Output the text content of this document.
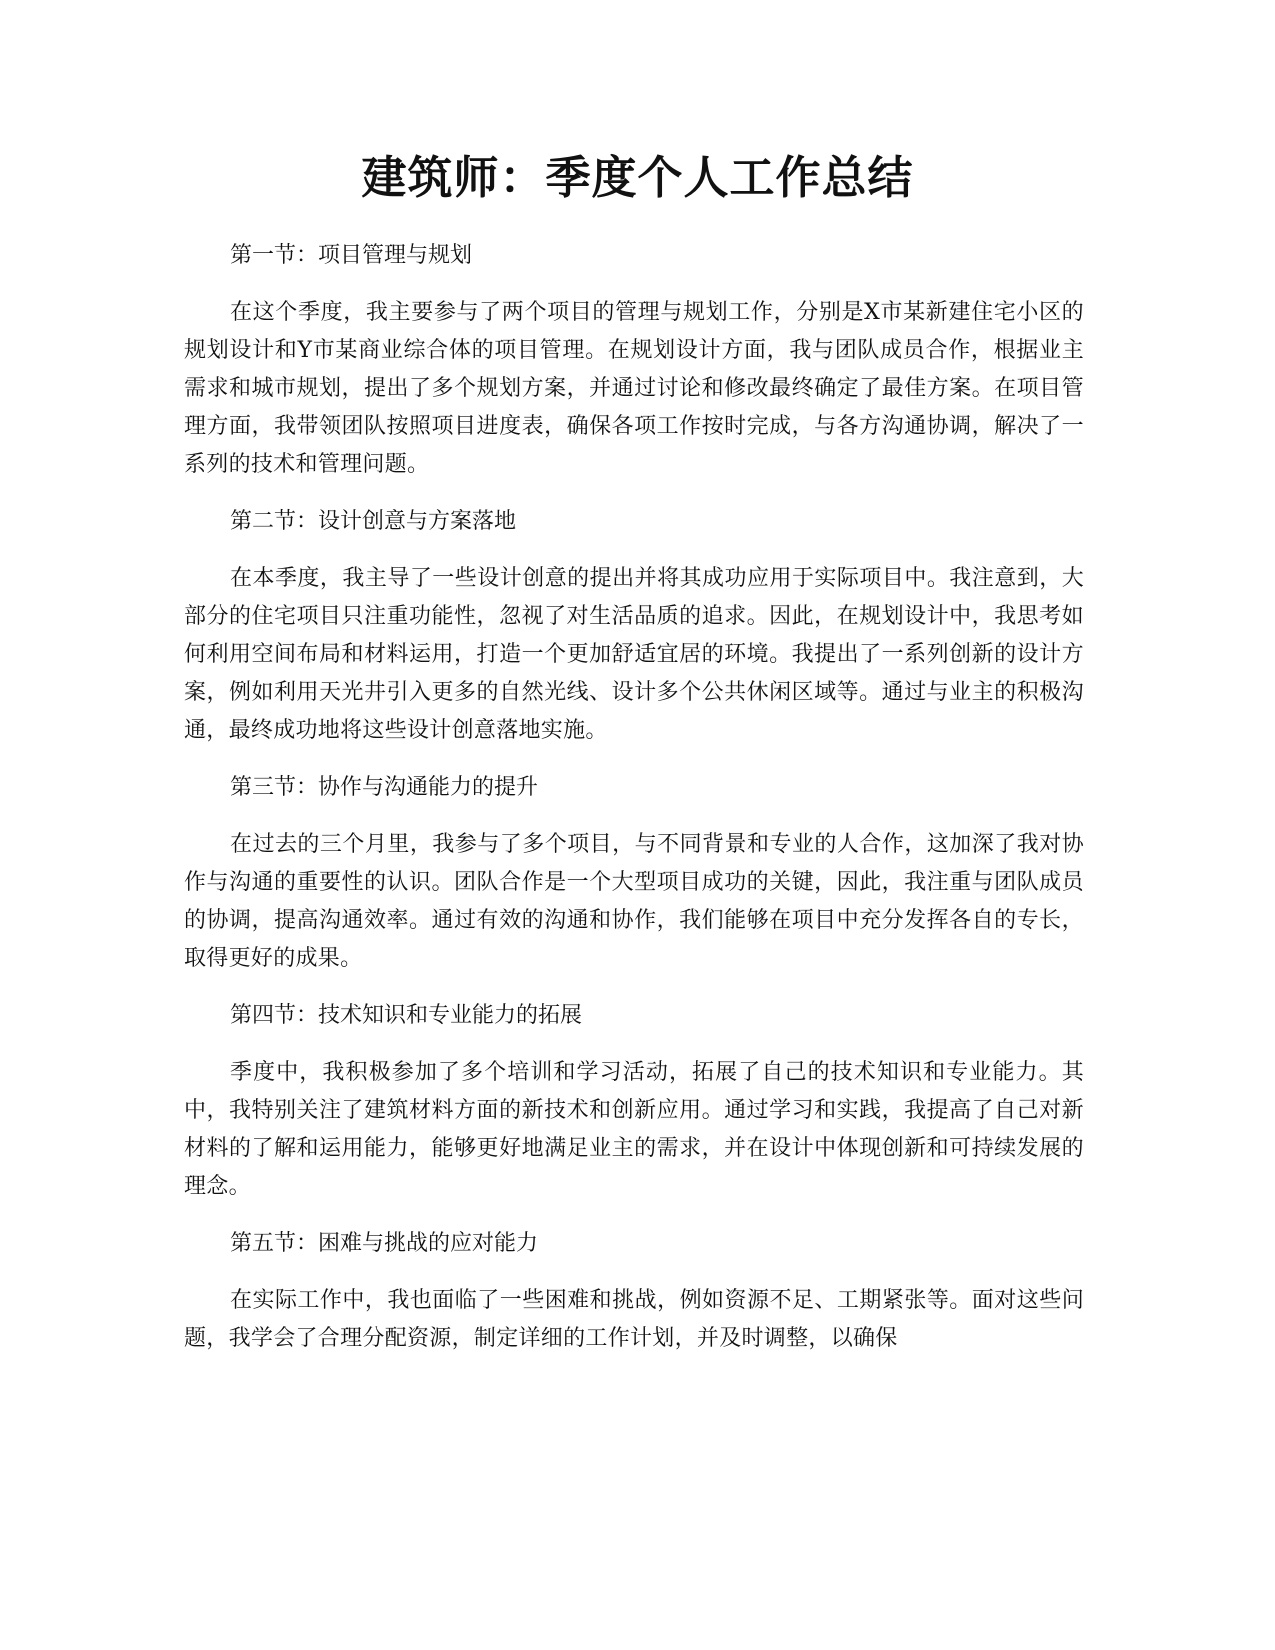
建筑师：季度个人工作总结

第一节：项目管理与规划

在这个季度，我主要参与了两个项目的管理与规划工作，分别是X市某新建住宅小区的规划设计和Y市某商业综合体的项目管理。在规划设计方面，我与团队成员合作，根据业主需求和城市规划，提出了多个规划方案，并通过讨论和修改最终确定了最佳方案。在项目管理方面，我带领团队按照项目进度表，确保各项工作按时完成，与各方沟通协调，解决了一系列的技术和管理问题。

第二节：设计创意与方案落地

在本季度，我主导了一些设计创意的提出并将其成功应用于实际项目中。我注意到，大部分的住宅项目只注重功能性，忽视了对生活品质的追求。因此，在规划设计中，我思考如何利用空间布局和材料运用，打造一个更加舒适宜居的环境。我提出了一系列创新的设计方案，例如利用天光井引入更多的自然光线、设计多个公共休闲区域等。通过与业主的积极沟通，最终成功地将这些设计创意落地实施。

第三节：协作与沟通能力的提升

在过去的三个月里，我参与了多个项目，与不同背景和专业的人合作，这加深了我对协作与沟通的重要性的认识。团队合作是一个大型项目成功的关键，因此，我注重与团队成员的协调，提高沟通效率。通过有效的沟通和协作，我们能够在项目中充分发挥各自的专长，取得更好的成果。

第四节：技术知识和专业能力的拓展

季度中，我积极参加了多个培训和学习活动，拓展了自己的技术知识和专业能力。其中，我特别关注了建筑材料方面的新技术和创新应用。通过学习和实践，我提高了自己对新材料的了解和运用能力，能够更好地满足业主的需求，并在设计中体现创新和可持续发展的理念。

第五节：困难与挑战的应对能力

在实际工作中，我也面临了一些困难和挑战，例如资源不足、工期紧张等。面对这些问题，我学会了合理分配资源，制定详细的工作计划，并及时调整，以确保
